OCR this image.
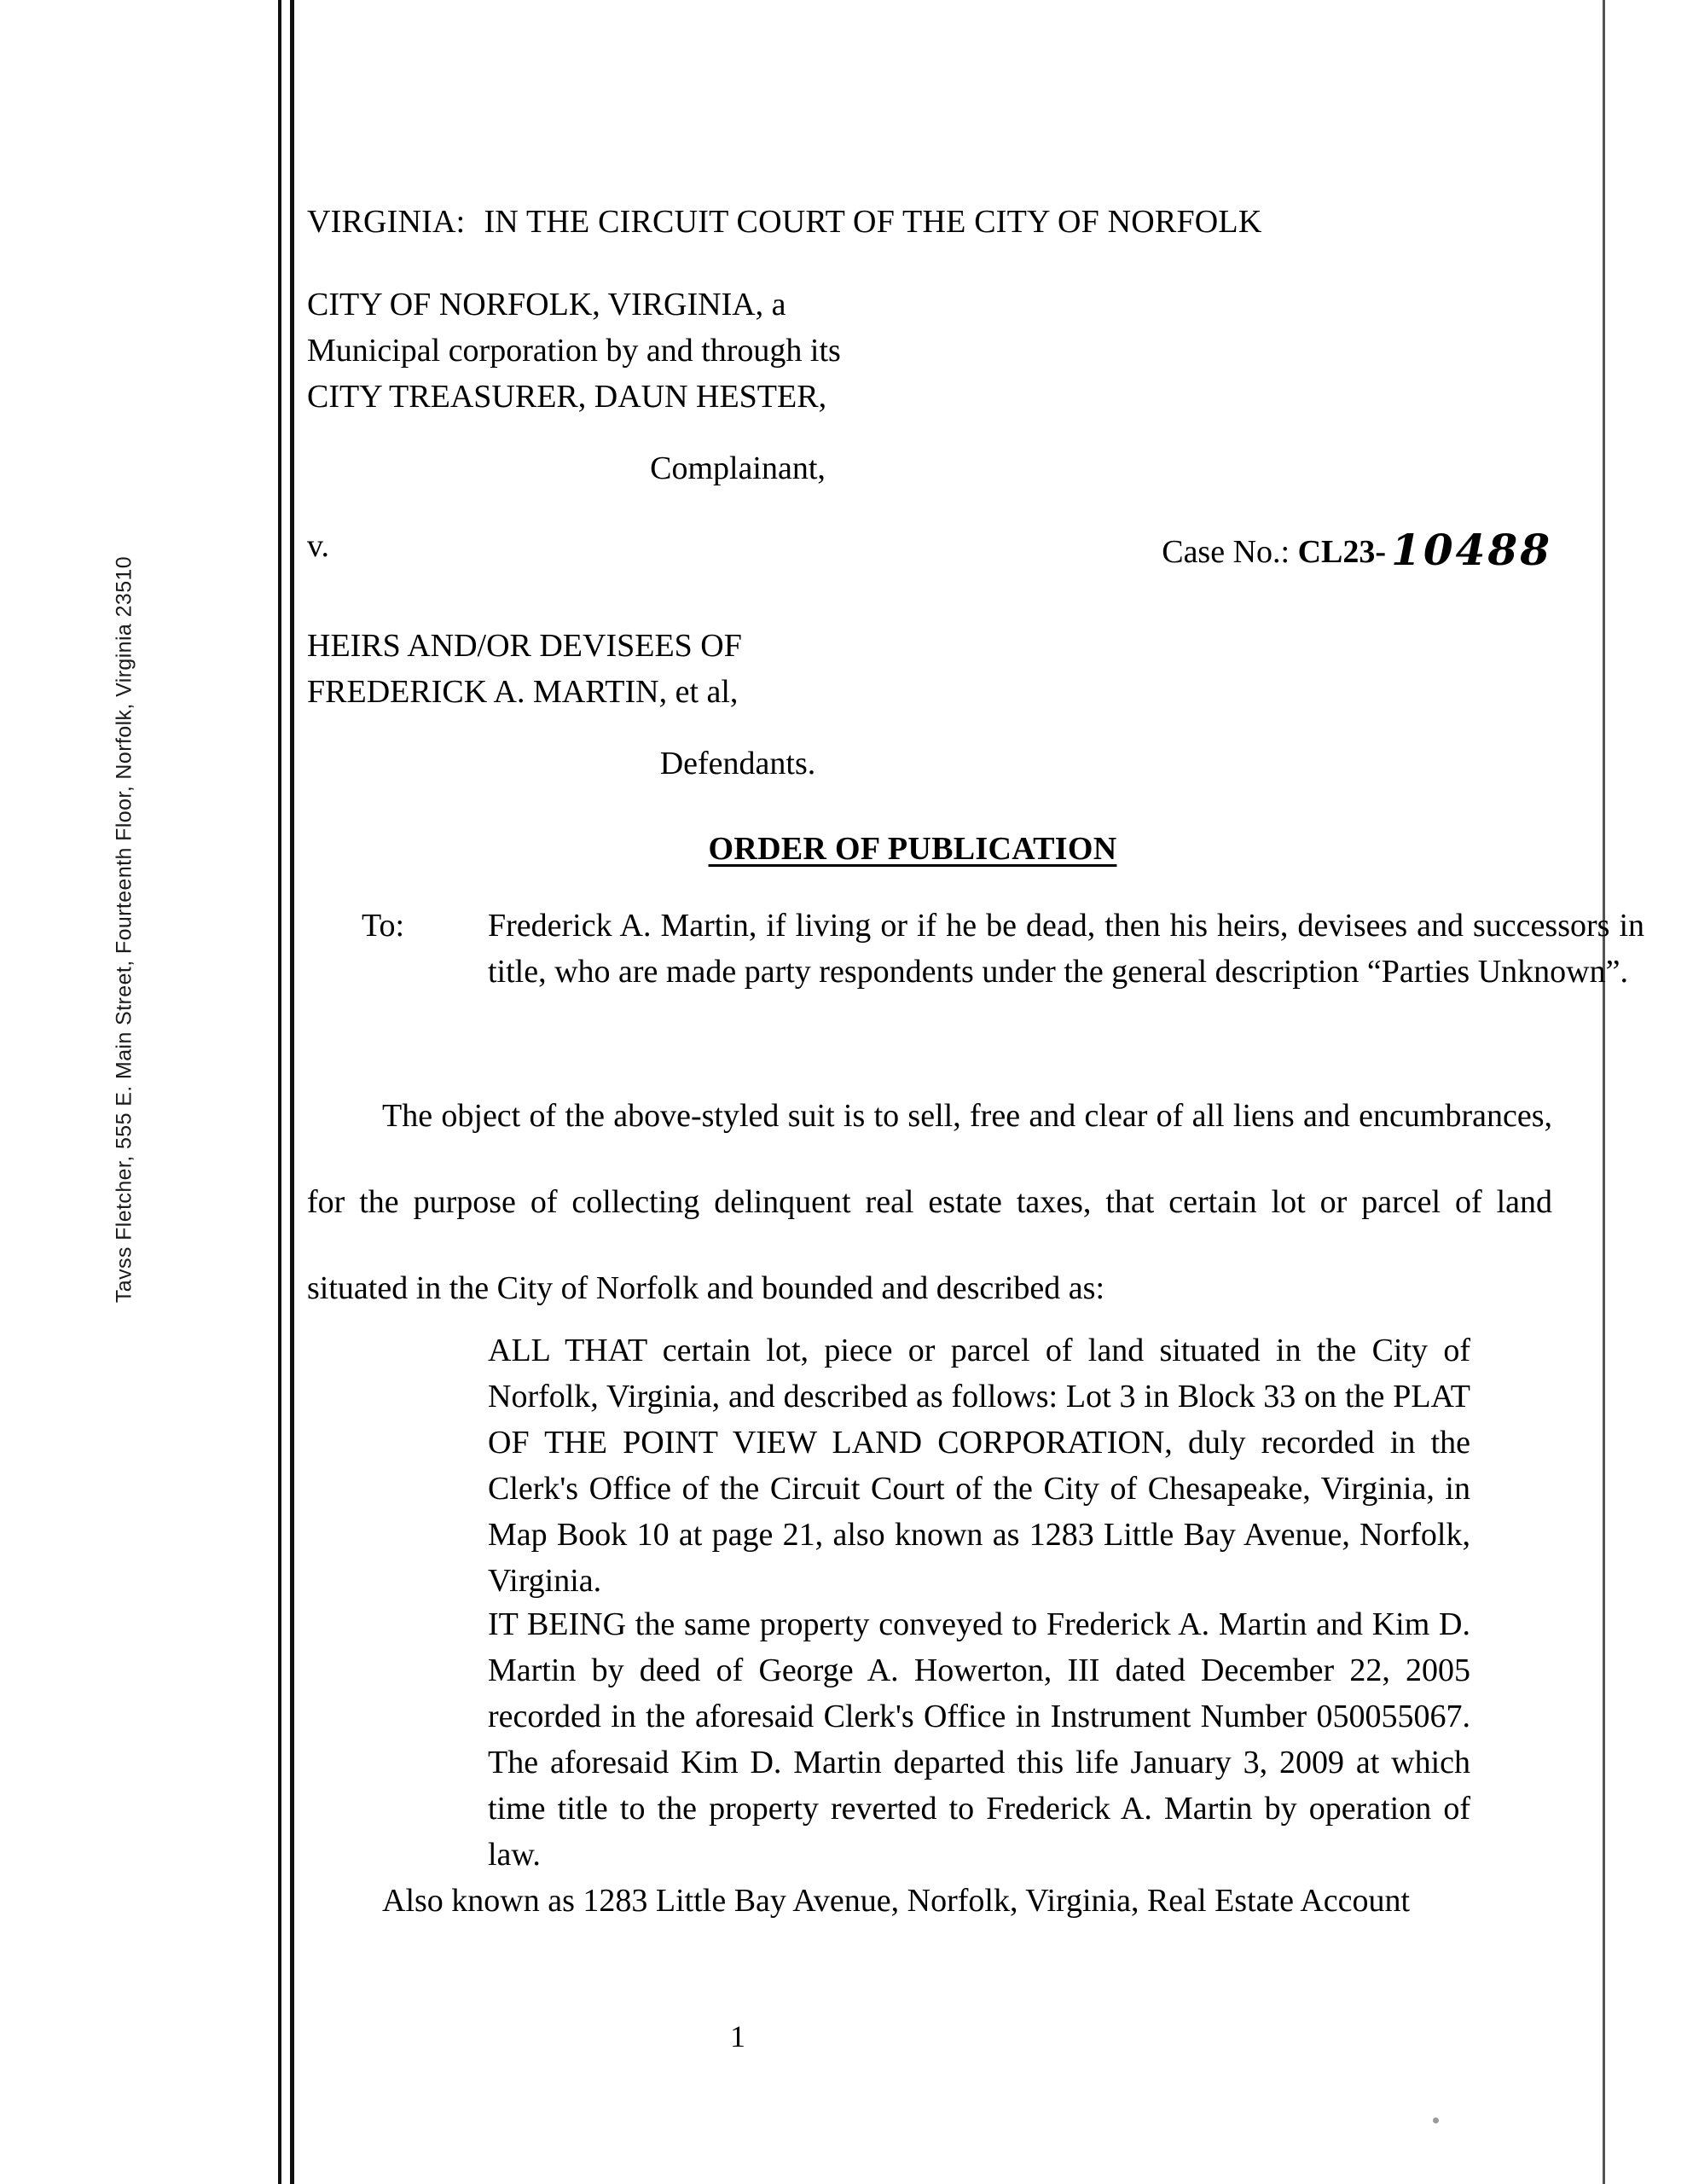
Tavss Fletcher, 555 E. Main Street, Fourteenth Floor, Norfolk, Virginia 23510
VIRGINIA: IN THE CIRCUIT COURT OF THE CITY OF NORFOLK
CITY OF NORFOLK, VIRGINIA, a
Municipal corporation by and through its
CITY TREASURER, DAUN HESTER,
Complainant,
v.	Case No.: CL23- 10488
HEIRS AND/OR DEVISEES OF
FREDERICK A. MARTIN, et al,
Defendants.
ORDER OF PUBLICATION
To:	Frederick A. Martin, if living or if he be dead, then his heirs, devisees and successors in title, who are made party respondents under the general description “Parties Unknown”.
The object of the above-styled suit is to sell, free and clear of all liens and encumbrances, for the purpose of collecting delinquent real estate taxes, that certain lot or parcel of land situated in the City of Norfolk and bounded and described as:
ALL THAT certain lot, piece or parcel of land situated in the City of Norfolk, Virginia, and described as follows: Lot 3 in Block 33 on the PLAT OF THE POINT VIEW LAND CORPORATION, duly recorded in the Clerk's Office of the Circuit Court of the City of Chesapeake, Virginia, in Map Book 10 at page 21, also known as 1283 Little Bay Avenue, Norfolk, Virginia.
IT BEING the same property conveyed to Frederick A. Martin and Kim D. Martin by deed of George A. Howerton, III dated December 22, 2005 recorded in the aforesaid Clerk's Office in Instrument Number 050055067. The aforesaid Kim D. Martin departed this life January 3, 2009 at which time title to the property reverted to Frederick A. Martin by operation of law.
Also known as 1283 Little Bay Avenue, Norfolk, Virginia, Real Estate Account
1
